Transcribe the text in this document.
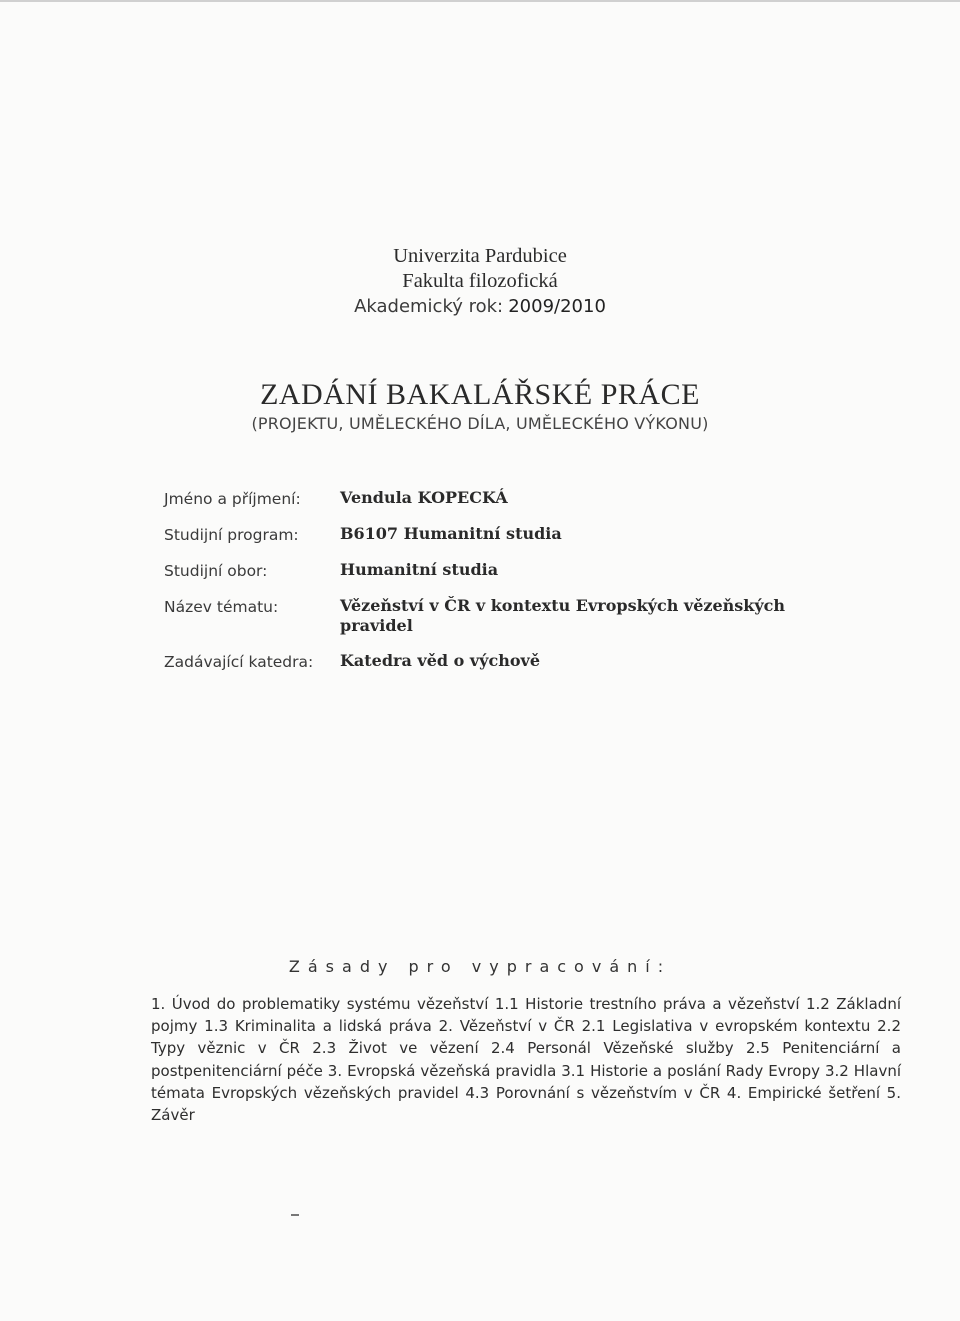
Univerzita Pardubice
Fakulta filozofická
Akademický rok: 2009/2010
ZADÁNÍ BAKALÁŘSKÉ PRÁCE
(PROJEKTU, UMĚLECKÉHO DÍLA, UMĚLECKÉHO VÝKONU)
Jméno a příjmení:	Vendula KOPECKÁ
Studijní program:	B6107 Humanitní studia
Studijní obor:	Humanitní studia
Název tématu:	Vězeňství v ČR v kontextu Evropských vězeňských pravidel
Zadávající katedra:	Katedra věd o výchově
Zásady pro vypracování:
1. Úvod do problematiky systému vězeňství 1.1 Historie trestního práva a vězeňství 1.2 Základní pojmy 1.3 Kriminalita a lidská práva 2. Vězeňství v ČR 2.1 Legislativa v evropském kontextu 2.2 Typy věznic v ČR 2.3 Život ve vězení 2.4 Personál Vězeňské služby 2.5 Penitenciární a postpenitenciární péče 3. Evropská vězeňská pravidla 3.1 Historie a poslání Rady Evropy 3.2 Hlavní témata Evropských vězeňských pravidel 4.3 Porovnání s vězeňstvím v ČR 4. Empirické šetření 5. Závěr
